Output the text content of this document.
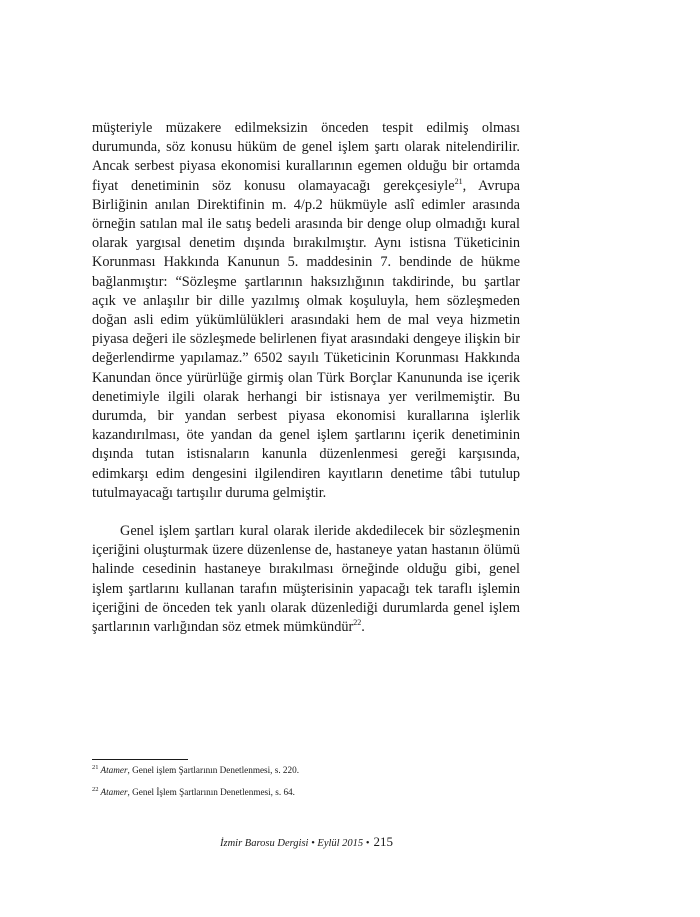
müşteriyle müzakere edilmeksizin önceden tespit edilmiş olması durumunda, söz konusu hüküm de genel işlem şartı olarak nitelendirilir. Ancak serbest piyasa ekonomisi kurallarının egemen olduğu bir ortamda fiyat denetiminin söz konusu olamayacağı gerekçesiyle$^{21}$, Avrupa Birliğinin anılan Direktifinin m. 4/p.2 hükmüyle aslî edimler arasında örneğin satılan mal ile satış bedeli arasında bir denge olup olmadığı kural olarak yargısal denetim dışında bırakılmıştır. Aynı istisna Tüketicinin Korunması Hakkında Kanunun 5. maddesinin 7. bendinde de hükme bağlanmıştır: “Sözleşme şartlarının haksızlığının takdirinde, bu şartlar açık ve anlaşılır bir dille yazılmış olmak koşuluyla, hem sözleşmeden doğan asli edim yükümlülükleri arasındaki hem de mal veya hizmetin piyasa değeri ile sözleşmede belirlenen fiyat arasındaki dengeye ilişkin bir değerlendirme yapılamaz.” 6502 sayılı Tüketicinin Korunması Hakkında Kanundan önce yürürlüğe girmiş olan Türk Borçlar Kanununda ise içerik denetimiyle ilgili olarak herhangi bir istisnaya yer verilmemiştir. Bu durumda, bir yandan serbest piyasa ekonomisi kurallarına işlerlik kazandırılması, öte yandan da genel işlem şartlarını içerik denetiminin dışında tutan istisnaların kanunla düzenlenmesi gereği karşısında, edimkarşı edim dengesini ilgilendiren kayıtların denetime tâbi tutulup tutulmayacağı tartışılır duruma gelmiştir.

Genel işlem şartları kural olarak ileride akdedilecek bir sözleşmenin içeriğini oluşturmak üzere düzenlense de, hastaneye yatan hastanın ölümü halinde cesedinin hastaneye bırakılması örneğinde olduğu gibi, genel işlem şartlarını kullanan tarafın müşterisinin yapacağı tek taraflı işlemin içeriğini de önceden tek yanlı olarak düzenlediği durumlarda genel işlem şartlarının varlığından söz etmek mümkündür$^{22}$.

$^{21}$ Atamer, Genel işlem Şartlarının Denetlenmesi, s. 220.
$^{22}$ Atamer, Genel İşlem Şartlarının Denetlenmesi, s. 64.
İzmir Barosu Dergisi • Eylül 2015 • 215
